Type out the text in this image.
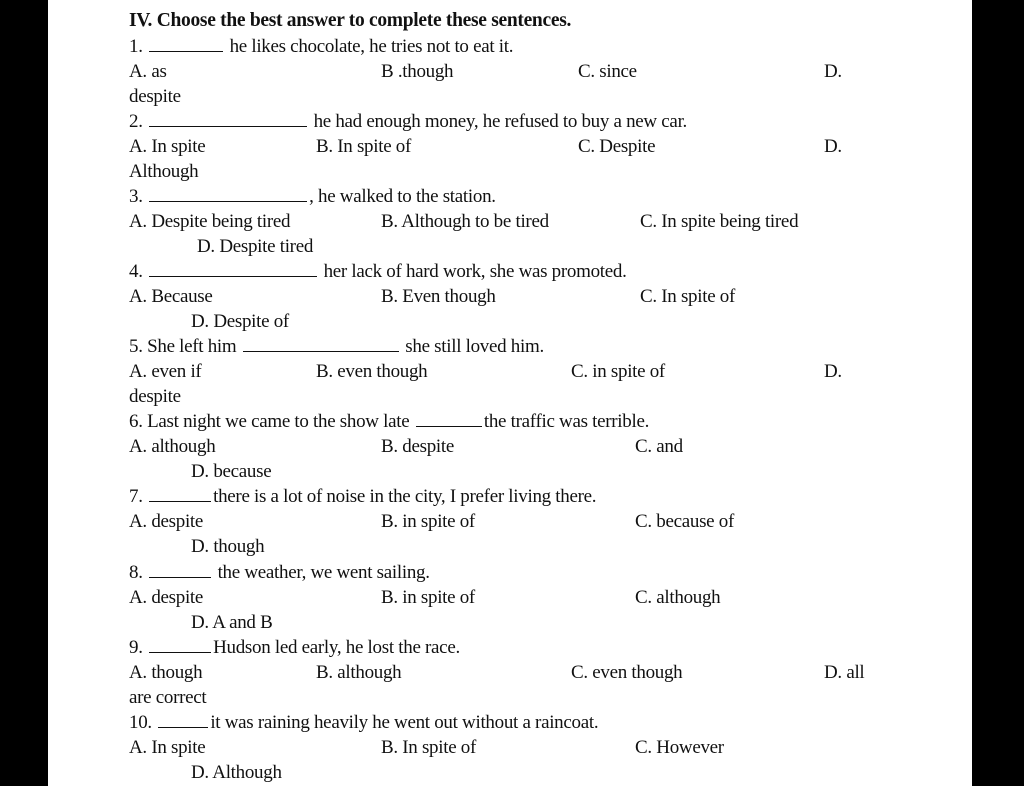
IV. Choose the best answer to complete these sentences.
1.	he likes chocolate, he tries not to eat it.
A. as	B .though	C. since	D.
despite
2.	he had enough money, he refused to buy a new car.
A. In spite	B. In spite of	C. Despite	D.
Although
3.	, he walked to the station.
A. Despite being tired	B. Although to be tired	C. In spite being tired
D. Despite tired
4.	her lack of hard work, she was promoted.
A. Because	B. Even though	C. In spite of
D. Despite of
5. She left him	she still loved him.
A. even if	B. even though	C. in spite of	D.
despite
6. Last night we came to the show late	the traffic was terrible.
A. although	B. despite	C. and
D. because
7.	there is a lot of noise in the city, I prefer living there.
A. despite	B. in spite of	C. because of
D. though
8.	the weather, we went sailing.
A. despite	B. in spite of	C. although
D. A and B
9.	Hudson led early, he lost the race.
A. though	B. although	C. even though	D. all
are correct
10.	it was raining heavily he went out without a raincoat.
A. In spite	B. In spite of	C. However
D. Although
